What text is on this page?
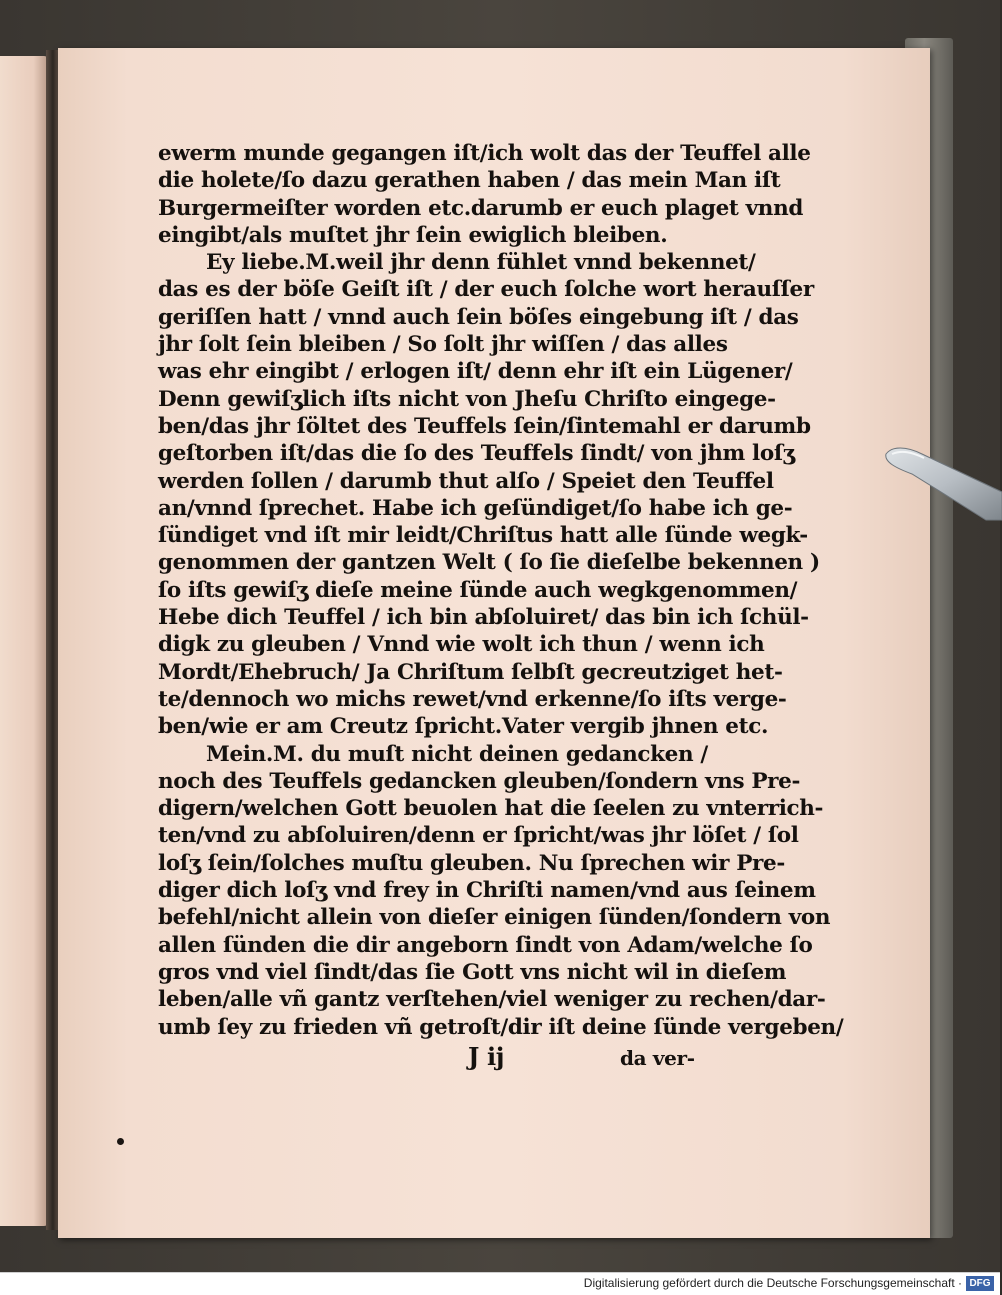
ewerm munde gegangen iſt/ich wolt das der Teuffel alle
die holete/ſo dazu gerathen haben / das mein Man iſt
Burgermeiſter worden etc.darumb er euch plaget vnnd
eingibt/als muſtet jhr ſein ewiglich bleiben.
Ey liebe.M.weil jhr denn fühlet vnnd bekennet/
das es der böſe Geiſt iſt / der euch ſolche wort herauſſer
geriſſen hatt / vnnd auch ſein böſes eingebung iſt / das
jhr ſolt ſein bleiben / So ſolt jhr wiſſen / das alles
was ehr eingibt / erlogen iſt/ denn ehr iſt ein Lügener/
Denn gewiſʒlich iſts nicht von Jheſu Chriſto eingege-
ben/das jhr ſöltet des Teuffels ſein/ſintemahl er darumb
geſtorben iſt/das die ſo des Teuffels ſindt/ von jhm loſʒ
werden ſollen / darumb thut alſo / Speiet den Teuffel
an/vnnd ſprechet. Habe ich geſündiget/ſo habe ich ge-
ſündiget vnd iſt mir leidt/Chriſtus hatt alle ſünde wegk-
genommen der gantzen Welt ( ſo ſie dieſelbe bekennen )
ſo iſts gewiſʒ dieſe meine ſünde auch wegkgenommen/
Hebe dich Teuffel / ich bin abſoluiret/ das bin ich ſchül-
digk zu gleuben / Vnnd wie wolt ich thun / wenn ich
Mordt/Ehebruch/ Ja Chriſtum ſelbſt gecreutziget het-
te/dennoch wo michs rewet/vnd erkenne/ſo iſts verge-
ben/wie er am Creutz ſpricht.Vater vergib jhnen etc.
Mein.M. du muſt nicht deinen gedancken /
noch des Teuffels gedancken gleuben/ſondern vns Pre-
digern/welchen Gott beuolen hat die ſeelen zu vnterrich-
ten/vnd zu abſoluiren/denn er ſpricht/was jhr löſet / ſol
loſʒ ſein/ſolches muſtu gleuben. Nu ſprechen wir Pre-
diger dich loſʒ vnd frey in Chriſti namen/vnd aus ſeinem
befehl/nicht allein von dieſer einigen ſünden/ſondern von
allen ſünden die dir angeborn ſindt von Adam/welche ſo
gros vnd viel ſindt/das ſie Gott vns nicht wil in dieſem
leben/alle vñ gantz verſtehen/viel weniger zu rechen/dar-
umb ſey zu frieden vñ getroſt/dir iſt deine ſünde vergeben/
J ij	da ver-
Digitalisierung gefördert durch die Deutsche Forschungsgemeinschaft · DFG
